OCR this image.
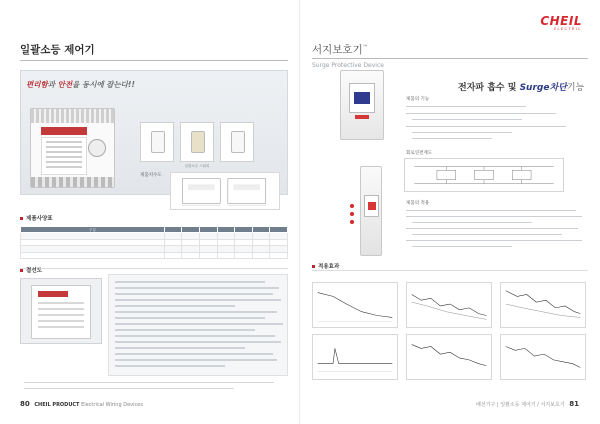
일괄소등 제어기
편리함과 안전을 동시에 잡는다!!
일괄소등 스위치
제품치수도
제품사양표
구 분							

결선도
80 CHEIL PRODUCT Electrical Wiring Devices
CHEIL
ELECTRIC
서지보호기™
Surge Protective Device
전자파 흡수 및 Surge차단기능
제품의 기능
회로연결계도
제품의 적용
적용효과
배선기구 | 일괄소등 제어기 / 서지보호기 81
